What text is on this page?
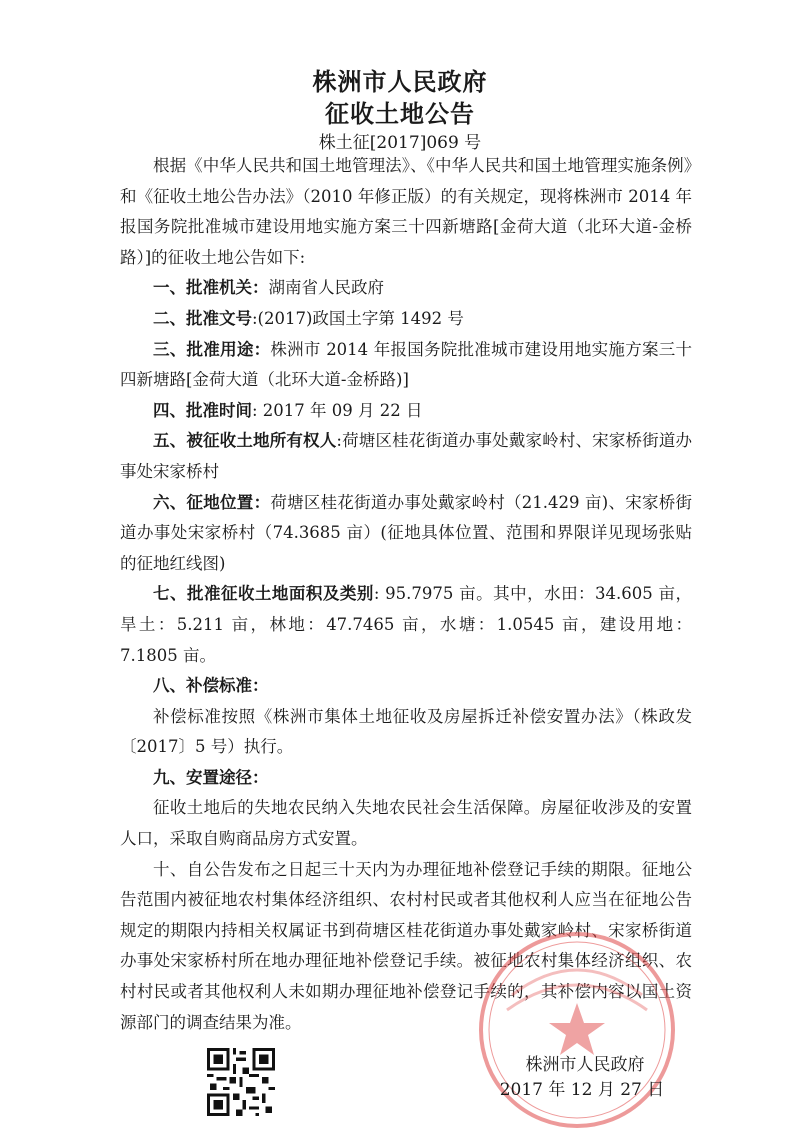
株洲市人民政府
征收土地公告
株土征[2017]069 号

根据《中华人民共和国土地管理法》、《中华人民共和国土地管理实施条例》和《征收土地公告办法》（2010 年修正版）的有关规定，现将株洲市 2014 年报国务院批准城市建设用地实施方案三十四新塘路[金荷大道（北环大道-金桥路）]的征收土地公告如下:

一、批准机关：湖南省人民政府

二、批准文号:(2017)政国土字第 1492 号

三、批准用途：株洲市 2014 年报国务院批准城市建设用地实施方案三十四新塘路[金荷大道（北环大道-金桥路)]

四、批准时间: 2017 年 09 月 22 日

五、被征收土地所有权人:荷塘区桂花街道办事处戴家岭村、宋家桥街道办事处宋家桥村

六、征地位置：荷塘区桂花街道办事处戴家岭村（21.429 亩)、宋家桥街道办事处宋家桥村（74.3685 亩）(征地具体位置、范围和界限详见现场张贴的征地红线图)

七、批准征收土地面积及类别: 95.7975 亩。其中，水田：34.605 亩，旱土：5.211 亩，林地：47.7465 亩，水塘：1.0545 亩，建设用地：7.1805 亩。

八、补偿标准：

补偿标准按照《株洲市集体土地征收及房屋拆迁补偿安置办法》（株政发〔2017〕5 号）执行。

九、安置途径：

征收土地后的失地农民纳入失地农民社会生活保障。房屋征收涉及的安置人口，采取自购商品房方式安置。

十、自公告发布之日起三十天内为办理征地补偿登记手续的期限。征地公告范围内被征地农村集体经济组织、农村村民或者其他权利人应当在征地公告规定的期限内持相关权属证书到荷塘区桂花街道办事处戴家岭村、宋家桥街道办事处宋家桥村所在地办理征地补偿登记手续。被征地农村集体经济组织、农村村民或者其他权利人未如期办理征地补偿登记手续的，其补偿内容以国土资源部门的调查结果为准。

株洲市人民政府
2017 年 12 月 27 日
